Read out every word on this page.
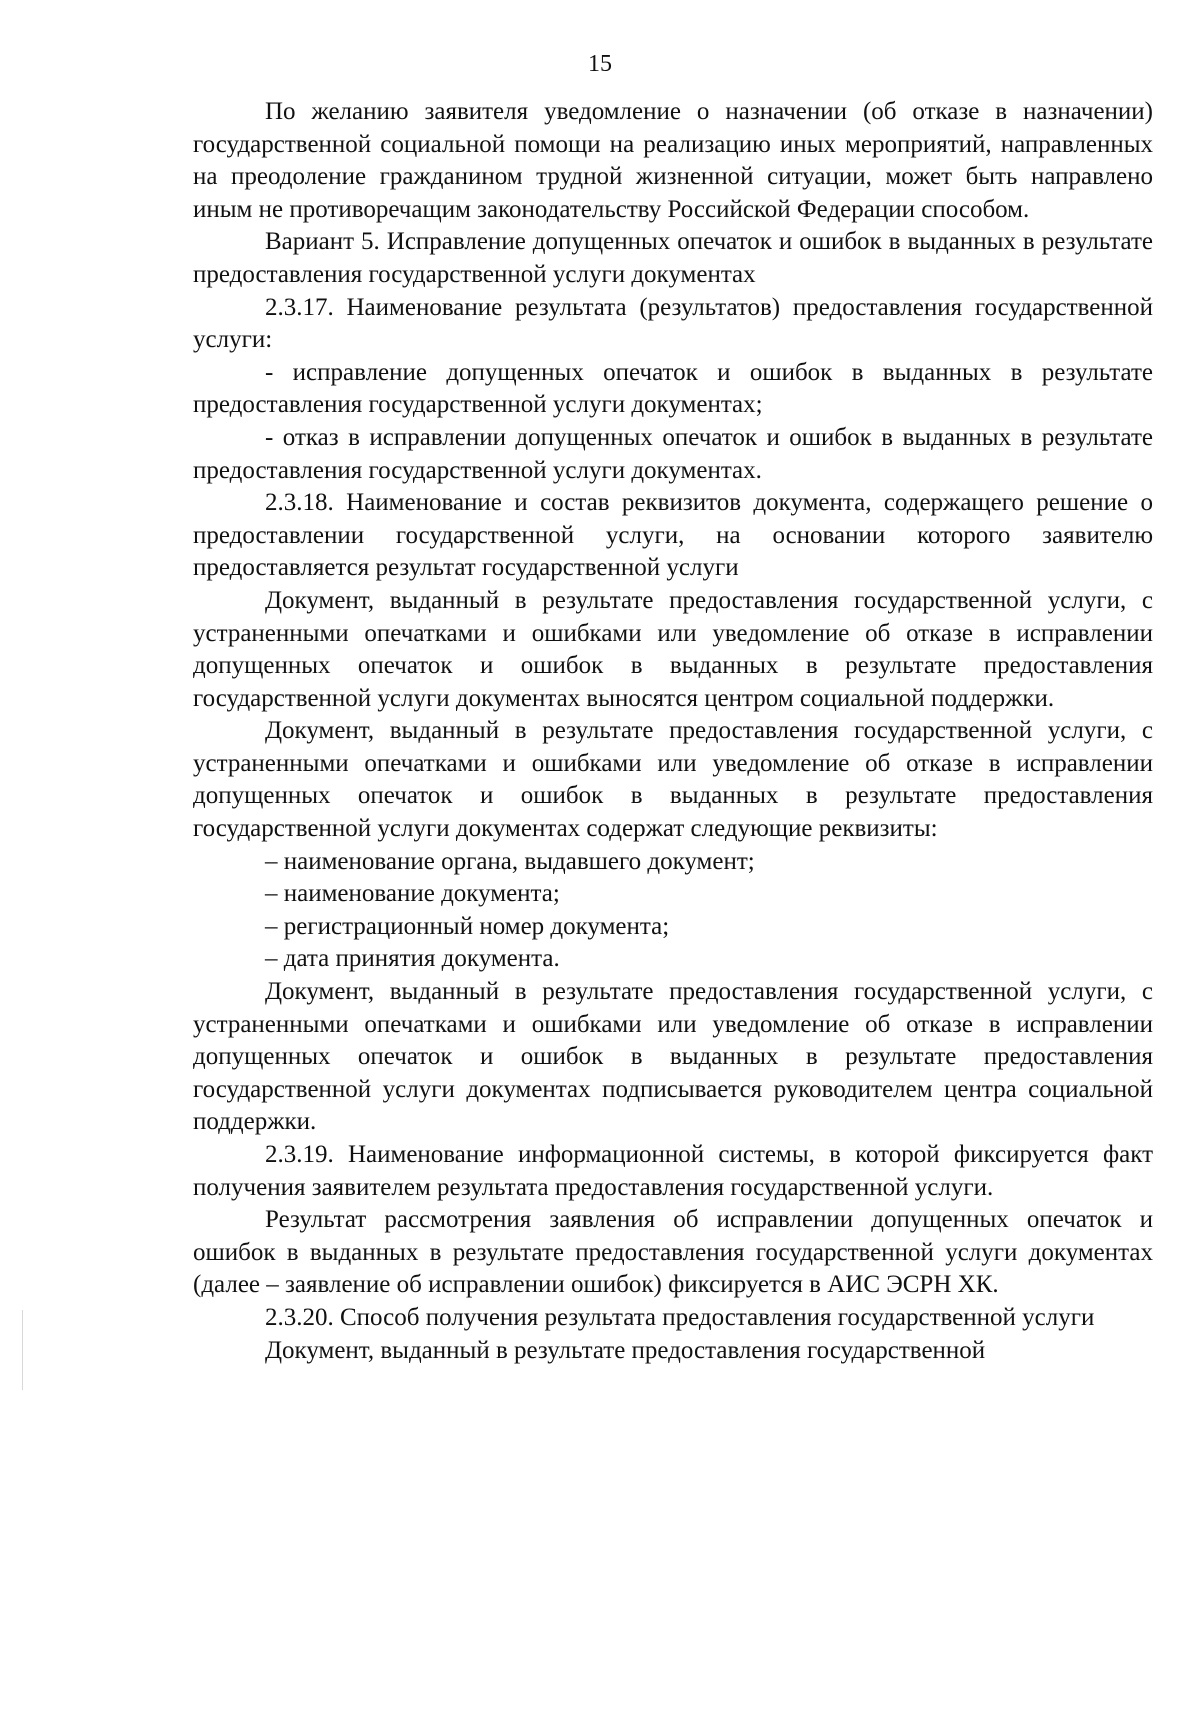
15

По желанию заявителя уведомление о назначении (об отказе в назначении) государственной социальной помощи на реализацию иных мероприятий, направленных на преодоление гражданином трудной жизненной ситуации, может быть направлено иным не противоречащим законодательству Российской Федерации способом.

Вариант 5. Исправление допущенных опечаток и ошибок в выданных в результате предоставления государственной услуги документах

2.3.17. Наименование результата (результатов) предоставления государственной услуги:

- исправление допущенных опечаток и ошибок в выданных в результате предоставления государственной услуги документах;

- отказ в исправлении допущенных опечаток и ошибок в выданных в результате предоставления государственной услуги документах.

2.3.18. Наименование и состав реквизитов документа, содержащего решение о предоставлении государственной услуги, на основании которого заявителю предоставляется результат государственной услуги

Документ, выданный в результате предоставления государственной услуги, с устраненными опечатками и ошибками или уведомление об отказе в исправлении допущенных опечаток и ошибок в выданных в результате предоставления государственной услуги документах выносятся центром социальной поддержки.

Документ, выданный в результате предоставления государственной услуги, с устраненными опечатками и ошибками или уведомление об отказе в исправлении допущенных опечаток и ошибок в выданных в результате предоставления государственной услуги документах содержат следующие реквизиты:

– наименование органа, выдавшего документ;

– наименование документа;

– регистрационный номер документа;

– дата принятия документа.

Документ, выданный в результате предоставления государственной услуги, с устраненными опечатками и ошибками или уведомление об отказе в исправлении допущенных опечаток и ошибок в выданных в результате предоставления государственной услуги документах подписывается руководителем центра социальной поддержки.

2.3.19. Наименование информационной системы, в которой фиксируется факт получения заявителем результата предоставления государственной услуги.

Результат рассмотрения заявления об исправлении допущенных опечаток и ошибок в выданных в результате предоставления государственной услуги документах (далее – заявление об исправлении ошибок) фиксируется в АИС ЭСРН ХК.

2.3.20. Способ получения результата предоставления государственной услуги

Документ, выданный в результате предоставления государственной
